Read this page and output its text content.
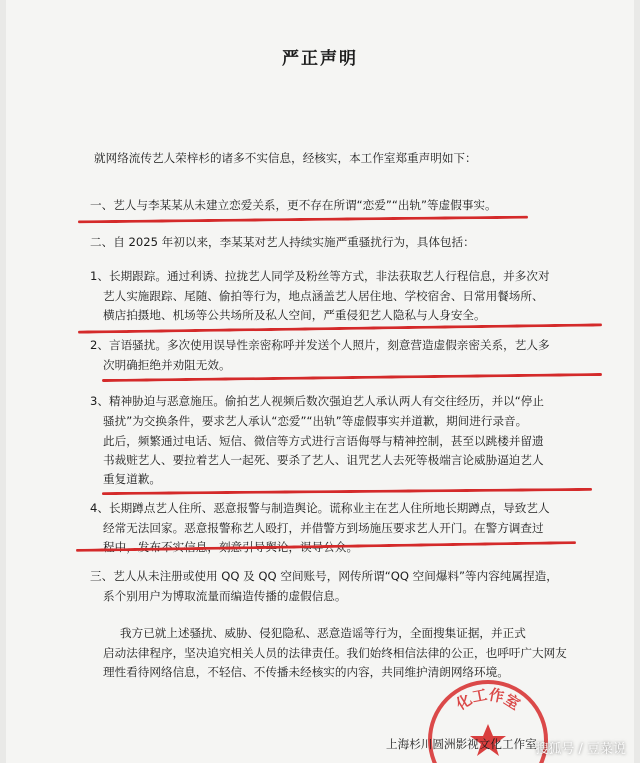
严正声明
就网络流传艺人荣梓杉的诸多不实信息，经核实，本工作室郑重声明如下：
一、艺人与李某某从未建立恋爱关系，更不存在所谓“恋爱”“出轨”等虚假事实。
二、自 2025 年初以来，李某某对艺人持续实施严重骚扰行为，具体包括：
1、长期跟踪。通过利诱、拉拢艺人同学及粉丝等方式，非法获取艺人行程信息，并多次对
艺人实施跟踪、尾随、偷拍等行为，地点涵盖艺人居住地、学校宿舍、日常用餐场所、
横店拍摄地、机场等公共场所及私人空间，严重侵犯艺人隐私与人身安全。
2、言语骚扰。多次使用误导性亲密称呼并发送个人照片，刻意营造虚假亲密关系，艺人多
次明确拒绝并劝阻无效。
3、精神胁迫与恶意施压。偷拍艺人视频后数次强迫艺人承认两人有交往经历，并以“停止
骚扰”为交换条件，要求艺人承认“恋爱”“出轨”等虚假事实并道歉，期间进行录音。
此后，频繁通过电话、短信、微信等方式进行言语侮辱与精神控制，甚至以跳楼并留遗
书裁赃艺人、要拉着艺人一起死、要杀了艺人、诅咒艺人去死等极端言论威胁逼迫艺人
重复道歉。
4、长期蹲点艺人住所、恶意报警与制造舆论。谎称业主在艺人住所地长期蹲点，导致艺人
经常无法回家。恶意报警称艺人殴打，并借警方到场施压要求艺人开门。在警方调查过
程中，发布不实信息，刻意引导舆论，误导公众。
三、艺人从未注册或使用 QQ 及 QQ 空间账号，网传所谓“QQ 空间爆料”等内容纯属捏造，
系个别用户为博取流量而编造传播的虚假信息。
我方已就上述骚扰、威胁、侵犯隐私、恶意造谣等行为，全面搜集证据，并正式
启动法律程序，坚决追究相关人员的法律责任。我们始终相信法律的公正，也呼吁广大网友
理性看待网络信息，不轻信、不传播未经核实的内容，共同维护清朗网络环境。
化工作室
上海杉川圆洲影视文化工作室
搜狐号 / 豆菜说
